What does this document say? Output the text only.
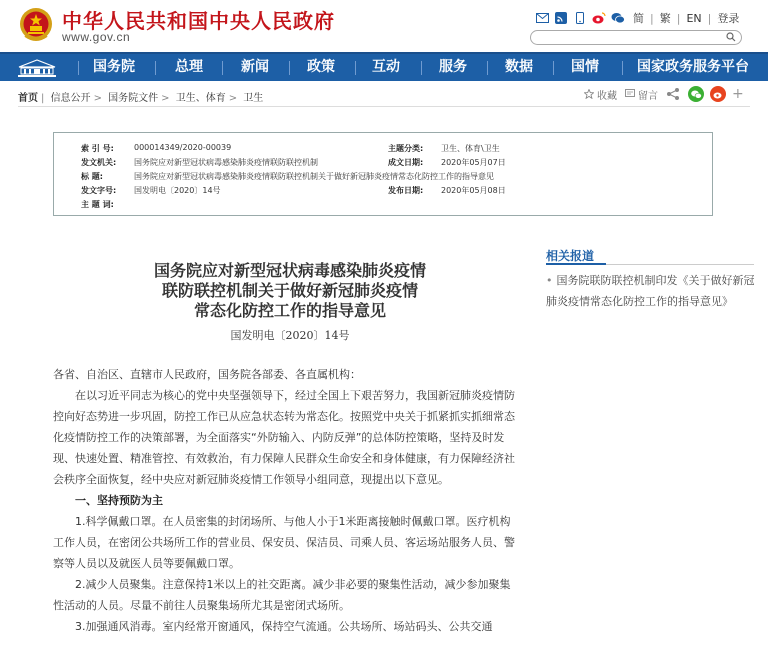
中华人民共和国中央人民政府
www.gov.cn
简 | 繁 | EN | 登录
国务院	总理	新闻	政策	互动	服务	数据	国情	国家政务服务平台
首页 | 信息公开 > 国务院文件 > 卫生、体育 > 卫生	收藏 留言	+
索 引 号:	000014349/2020-00039	主题分类: 卫生、体育\卫生
发文机关: 国务院应对新型冠状病毒感染肺炎疫情联防联控机制	成文日期: 2020年05月07日
标 题:	国务院应对新型冠状病毒感染肺炎疫情联防联控机制关于做好新冠肺炎疫情常态化防控工作的指导意见
发文字号: 国发明电〔2020〕14号	发布日期: 2020年05月08日
主 题 词:
国务院应对新型冠状病毒感染肺炎疫情
联防联控机制关于做好新冠肺炎疫情
常态化防控工作的指导意见
国发明电〔2020〕14号
相关报道
• 国务院联防联控机制印发《关于做好新冠肺炎疫情常态化防控工作的指导意见》

各省、自治区、直辖市人民政府，国务院各部委、各直属机构：

在以习近平同志为核心的党中央坚强领导下，经过全国上下艰苦努力，我国新冠肺炎疫情防控向好态势进一步巩固，防控工作已从应急状态转为常态化。按照党中央关于抓紧抓实抓细常态化疫情防控工作的决策部署，为全面落实“外防输入、内防反弹”的总体防控策略，坚持及时发现、快速处置、精准管控、有效救治，有力保障人民群众生命安全和身体健康，有力保障经济社会秩序全面恢复，经中央应对新冠肺炎疫情工作领导小组同意，现提出以下意见。

一、坚持预防为主

1.科学佩戴口罩。在人员密集的封闭场所、与他人小于1米距离接触时佩戴口罩。医疗机构工作人员，在密闭公共场所工作的营业员、保安员、保洁员、司乘人员、客运场站服务人员、警察等人员以及就医人员等要佩戴口罩。

2.减少人员聚集。注意保持1米以上的社交距离。减少非必要的聚集性活动，减少参加聚集性活动的人员。尽量不前往人员聚集场所尤其是密闭式场所。

3.加强通风消毒。室内经常开窗通风，保持空气流通。公共场所、场站码头、公共交通
